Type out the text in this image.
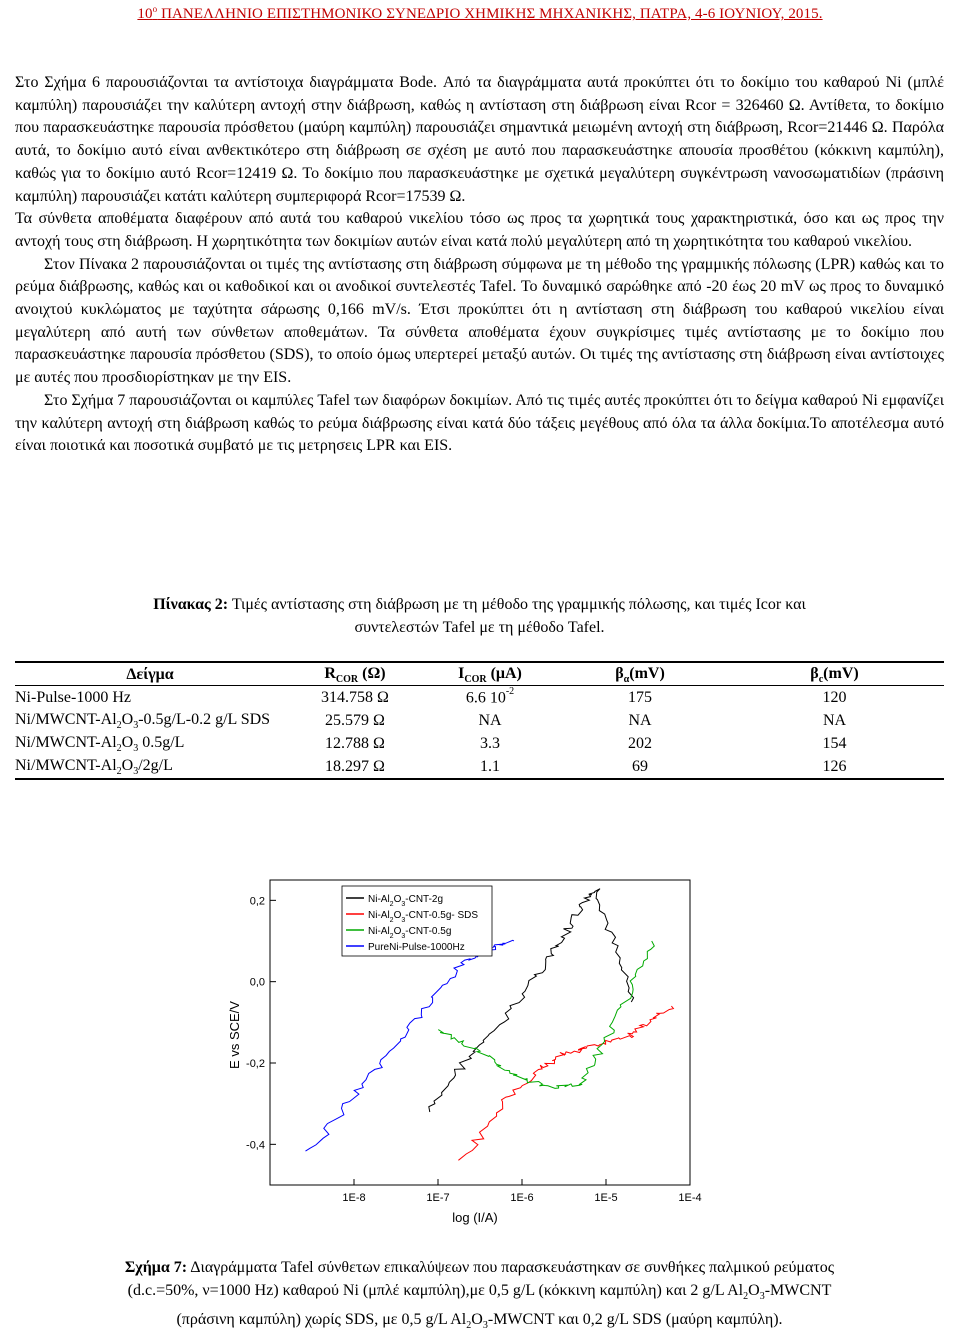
$10^o$ ΠΑΝΕΛΛΗΝΙΟ ΕΠΙΣΤΗΜΟΝΙΚΟ ΣΥΝΕΔΡΙΟ ΧΗΜΙΚΗΣ ΜΗΧΑΝΙΚΗΣ, ΠΑΤΡΑ, 4-6 ΙΟΥΝΙΟΥ, 2015.

Στο Σχήμα 6 παρουσιάζονται τα αντίστοιχα διαγράμματα Bode. Από τα διαγράμματα αυτά προκύπτει ότι το δοκίμιο του καθαρού Ni (μπλέ καμπύλη) παρουσιάζει την καλύτερη αντοχή στην διάβρωση, καθώς η αντίσταση στη διάβρωση είναι Rcor = 326460 Ω. Αντίθετα, το δοκίμιο που παρασκευάστηκε παρουσία πρόσθετου (μαύρη καμπύλη) παρουσιάζει σημαντικά μειωμένη αντοχή στη διάβρωση, Rcor=21446 Ω. Παρόλα αυτά, το δοκίμιο αυτό είναι ανθεκτικότερο στη διάβρωση σε σχέση με αυτό που παρασκευάστηκε απουσία προσθέτου (κόκκινη καμπύλη), καθώς για το δοκίμιο αυτό Rcor=12419 Ω. Το δοκίμιο που παρασκευάστηκε με σχετικά μεγαλύτερη συγκέντρωση νανοσωματιδίων (πράσινη καμπύλη) παρουσιάζει κατάτι καλύτερη συμπεριφορά Rcor=17539 Ω.

Τα σύνθετα αποθέματα διαφέρουν από αυτά του καθαρού νικελίου τόσο ως προς τα χωρητικά τους χαρακτηριστικά, όσο και ως προς την αντοχή τους στη διάβρωση. Η χωρητικότητα των δοκιμίων αυτών είναι κατά πολύ μεγαλύτερη από τη χωρητικότητα του καθαρού νικελίου.

Στον Πίνακα 2 παρουσιάζονται οι τιμές της αντίστασης στη διάβρωση σύμφωνα με τη μέθοδο της γραμμικής πόλωσης (LPR) καθώς και το ρεύμα διάβρωσης, καθώς και οι καθοδικοί και οι ανοδικοί συντελεστές Tafel. Το δυναμικό σαρώθηκε από -20 έως 20 mV ως προς το δυναμικό ανοιχτού κυκλώματος με ταχύτητα σάρωσης 0,166 mV/s. Έτσι προκύπτει ότι η αντίσταση στη διάβρωση του καθαρού νικελίου είναι μεγαλύτερη από αυτή των σύνθετων αποθεμάτων. Τα σύνθετα αποθέματα έχουν συγκρίσιμες τιμές αντίστασης με το δοκίμιο που παρασκευάστηκε παρουσία πρόσθετου (SDS), το οποίο όμως υπερτερεί μεταξύ αυτών. Οι τιμές της αντίστασης στη διάβρωση είναι αντίστοιχες με αυτές που προσδιορίστηκαν με την EIS.

Στο Σχήμα 7 παρουσιάζονται οι καμπύλες Tafel των διαφόρων δοκιμίων. Από τις τιμές αυτές προκύπτει ότι το δείγμα καθαρού Ni εμφανίζει την καλύτερη αντοχή στη διάβρωση καθώς το ρεύμα διάβρωσης είναι κατά δύο τάξεις μεγέθους από όλα τα άλλα δοκίμια.Το αποτέλεσμα αυτό είναι ποιοτικά και ποσοτικά συμβατό με τις μετρησεις LPR και EIS.

Πίνακας 2: Τιμές αντίστασης στη διάβρωση με τη μέθοδο της γραμμικής πόλωσης, και τιμές Icor και
συντελεστών Tafel με τη μέθοδο Tafel.
Δείγμα	$R_{COR}$ (Ω)	$I_{COR}$ (μA)	$\beta_\alpha(mV)$	$\beta_c(mV)$
Ni-Pulse-1000 Hz	314.758 Ω	6.6 $10^{-2}$	175	120
$Ni/MWCNT-Al_2O_3-0.5g/L-0.2$ g/L SDS	25.579 Ω	NA	NA	NA
$Ni/MWCNT-Al_2O_3$ 0.5g/L	12.788 Ω	3.3	202	154
$Ni/MWCNT-Al_2O_3/2g/L$	18.297 Ω	1.1	69	126
1E-8	1E-7	1E-6	1E-5	1E-4
0,2
0,0
-0,2
-0,4
$Ni-Al_2O_3-CNT-2g$
$Ni-Al_2O_3-CNT-0.5g-$ SDS
$Ni-Al_2O_3-CNT-0.5g$
PureNi-Pulse-1000Hz
log (I/A)
E vs SCE/V
Σχήμα 7: Διαγράμματα Tafel σύνθετων επικαλύψεων που παρασκευάστηκαν σε συνθήκες παλμικού ρεύματος
(d.c.=50%, ν=1000 Hz) καθαρού Ni (μπλέ καμπύλη),με 0,5 g/L (κόκκινη καμπύλη) και 2 g/L $Al_2O_3$-MWCNT
(πράσινη καμπύλη) χωρίς SDS, με 0,5 g/L $Al_2O_3$-MWCNT και 0,2 g/L SDS (μαύρη καμπύλη).
